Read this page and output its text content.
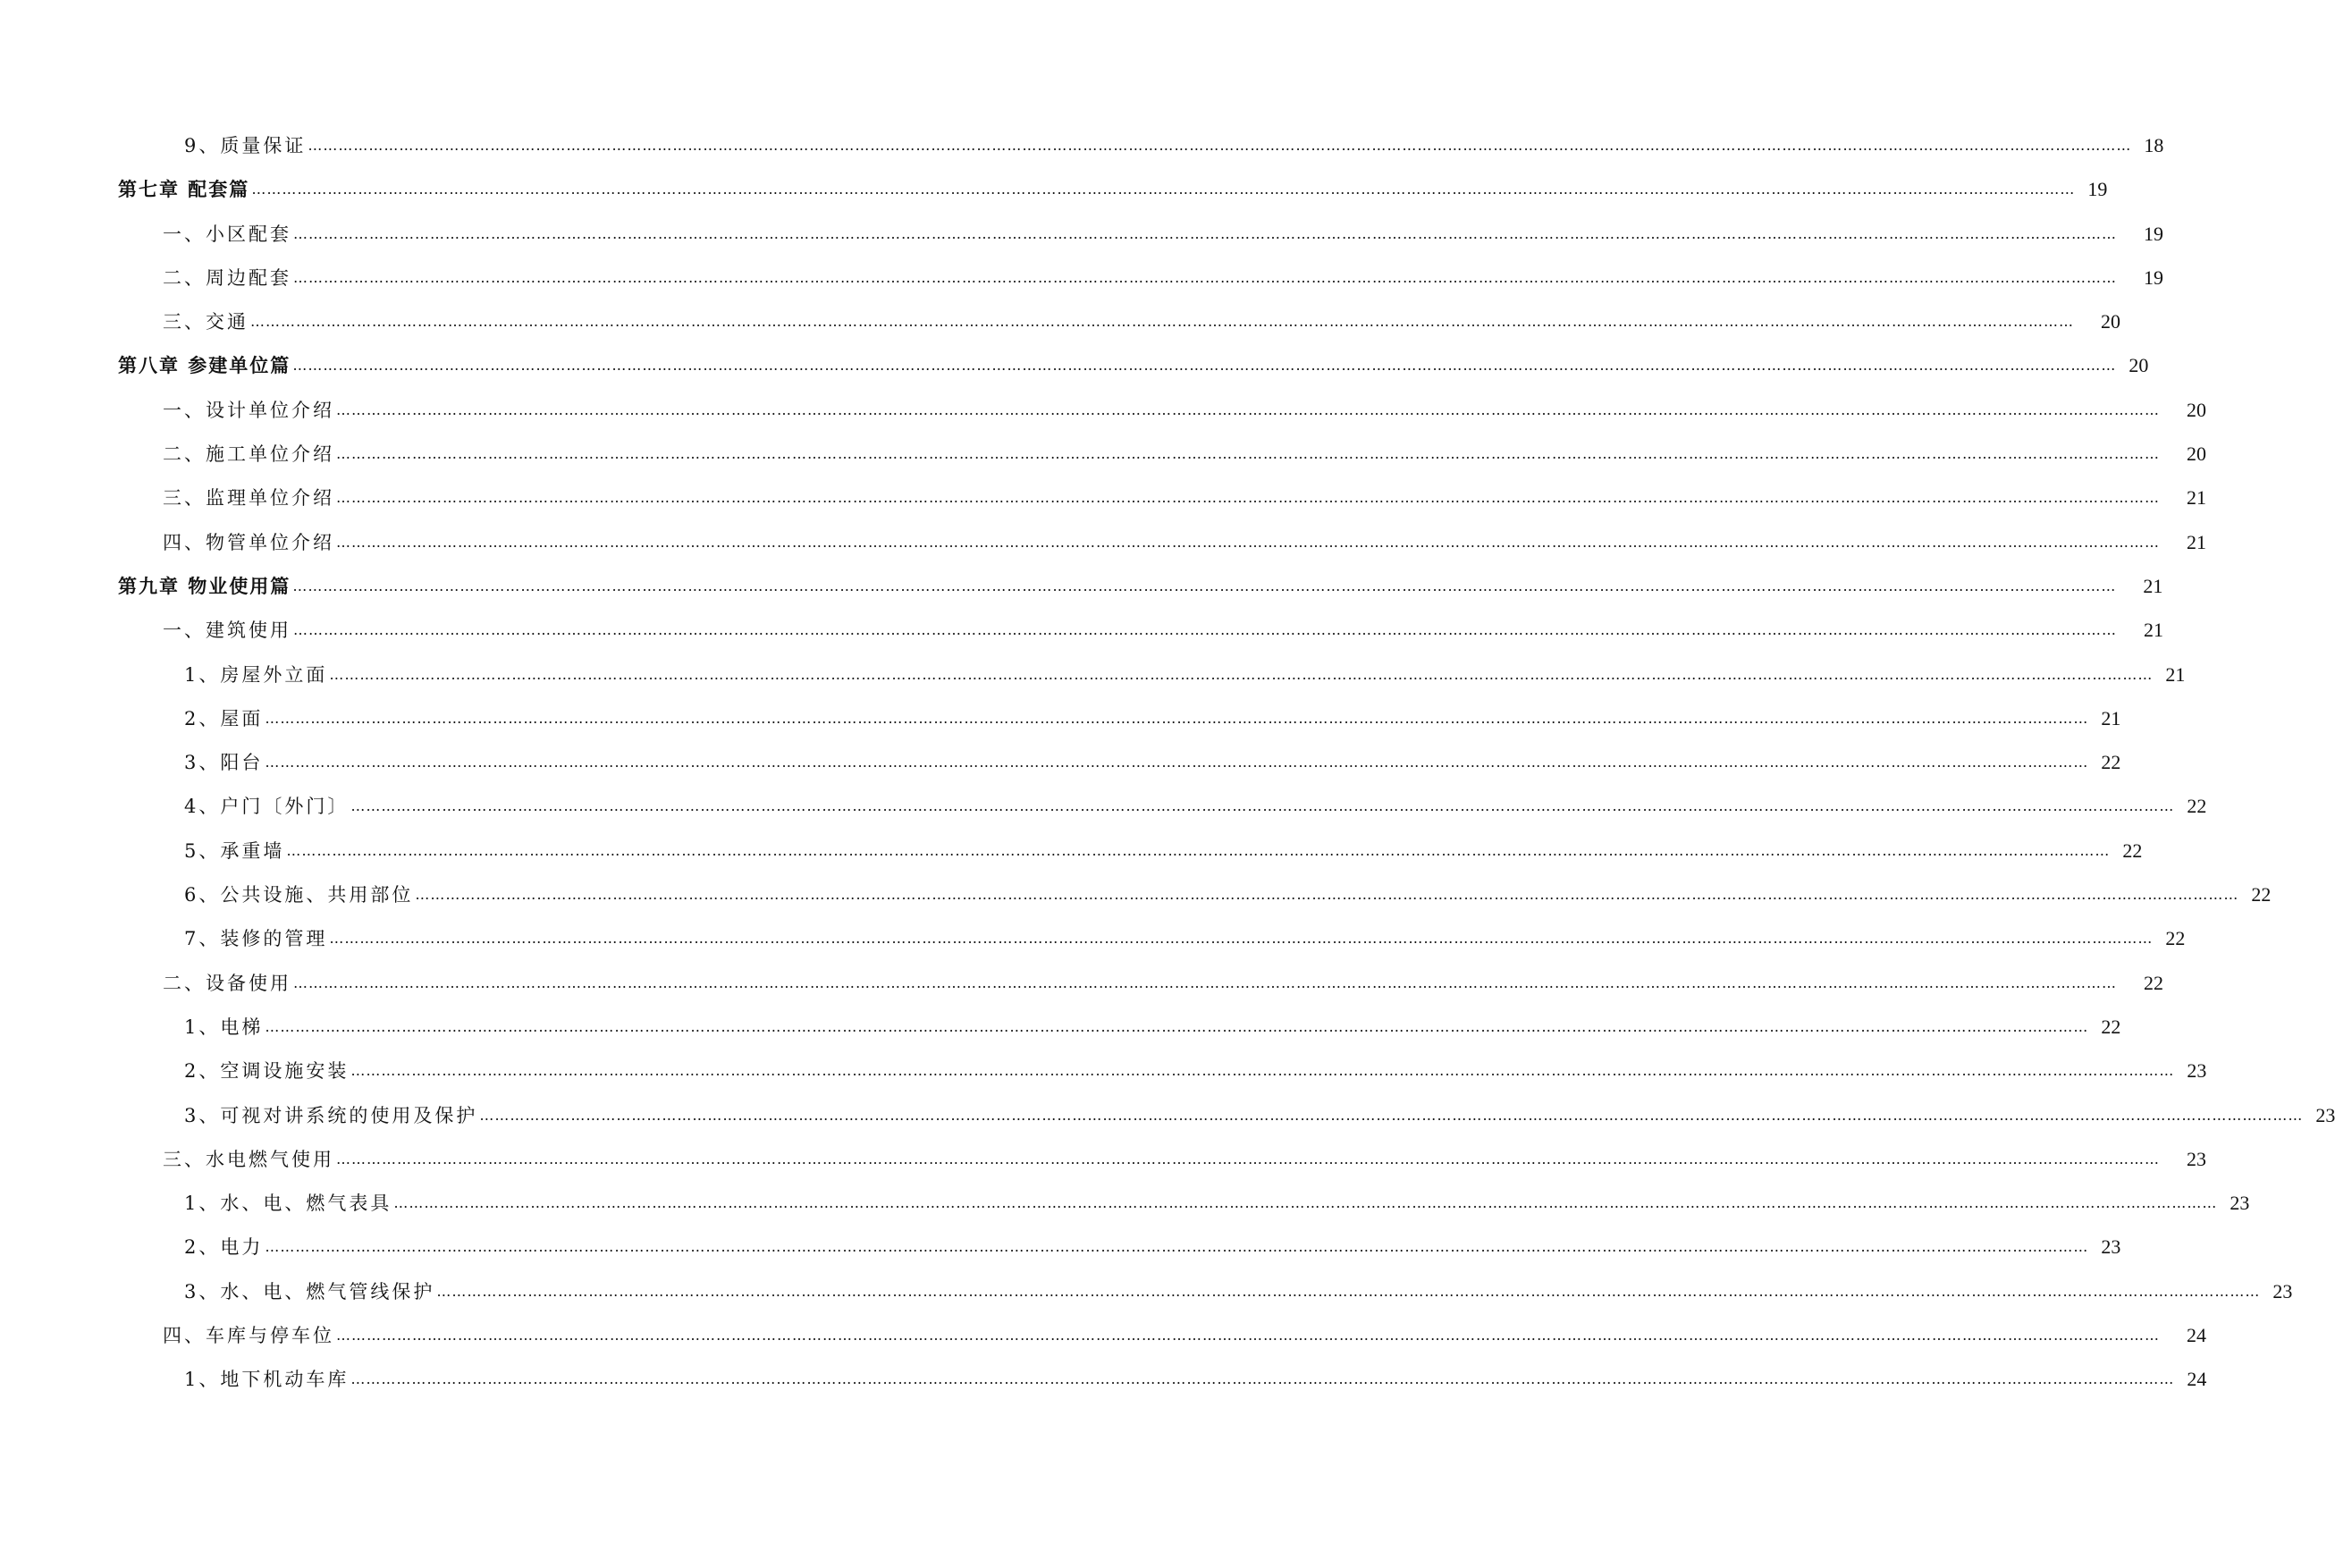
9、质量保证 ……………………………………………………………………………………………………………………………………………………………………………………………………………………………………………………………………………………………………………………………… 18
第七章 配套篇 ……………………………………………………………………………………………………………………………………………………………………………………………………………………………………………………………………………………………………………………………… 19
一、小区配套 ………………………………………………………………………………………………………………………………………………………………………………………………………………………………………………………………………………………………………………………………	19
二、周边配套 ………………………………………………………………………………………………………………………………………………………………………………………………………………………………………………………………………………………………………………………………	19
三、交通 ………………………………………………………………………………………………………………………………………………………………………………………………………………………………………………………………………………………………………………………………	20
第八章 参建单位篇 ……………………………………………………………………………………………………………………………………………………………………………………………………………………………………………………………………………………………………………………………… 20
一、设计单位介绍 ………………………………………………………………………………………………………………………………………………………………………………………………………………………………………………………………………………………………………………………………	20
二、施工单位介绍 ………………………………………………………………………………………………………………………………………………………………………………………………………………………………………………………………………………………………………………………………	20
三、监理单位介绍 ………………………………………………………………………………………………………………………………………………………………………………………………………………………………………………………………………………………………………………………………	21
四、物管单位介绍 ………………………………………………………………………………………………………………………………………………………………………………………………………………………………………………………………………………………………………………………………	21
第九章 物业使用篇 ………………………………………………………………………………………………………………………………………………………………………………………………………………………………………………………………………………………………………………………………	21
一、建筑使用 ………………………………………………………………………………………………………………………………………………………………………………………………………………………………………………………………………………………………………………………………	21
1、房屋外立面 ……………………………………………………………………………………………………………………………………………………………………………………………………………………………………………………………………………………………………………………………… 21
2、屋面 ……………………………………………………………………………………………………………………………………………………………………………………………………………………………………………………………………………………………………………………………… 21
3、阳台 ……………………………………………………………………………………………………………………………………………………………………………………………………………………………………………………………………………………………………………………………… 22
4、户门〔外门〕 ……………………………………………………………………………………………………………………………………………………………………………………………………………………………………………………………………………………………………………………………… 22
5、承重墙 ……………………………………………………………………………………………………………………………………………………………………………………………………………………………………………………………………………………………………………………………… 22
6、公共设施、共用部位 ……………………………………………………………………………………………………………………………………………………………………………………………………………………………………………………………………………………………………………………………… 22
7、装修的管理 ……………………………………………………………………………………………………………………………………………………………………………………………………………………………………………………………………………………………………………………………… 22
二、设备使用 ………………………………………………………………………………………………………………………………………………………………………………………………………………………………………………………………………………………………………………………………	22
1、电梯 ……………………………………………………………………………………………………………………………………………………………………………………………………………………………………………………………………………………………………………………………… 22
2、空调设施安装 ……………………………………………………………………………………………………………………………………………………………………………………………………………………………………………………………………………………………………………………………… 23
3、可视对讲系统的使用及保护 ……………………………………………………………………………………………………………………………………………………………………………………………………………………………………………………………………………………………………………………………… 23
三、水电燃气使用 ………………………………………………………………………………………………………………………………………………………………………………………………………………………………………………………………………………………………………………………………	23
1、水、电、燃气表具 ……………………………………………………………………………………………………………………………………………………………………………………………………………………………………………………………………………………………………………………………… 23
2、电力 ……………………………………………………………………………………………………………………………………………………………………………………………………………………………………………………………………………………………………………………………… 23
3、水、电、燃气管线保护 ……………………………………………………………………………………………………………………………………………………………………………………………………………………………………………………………………………………………………………………………… 23
四、车库与停车位 ………………………………………………………………………………………………………………………………………………………………………………………………………………………………………………………………………………………………………………………………	24
1、地下机动车库 ……………………………………………………………………………………………………………………………………………………………………………………………………………………………………………………………………………………………………………………………… 24
